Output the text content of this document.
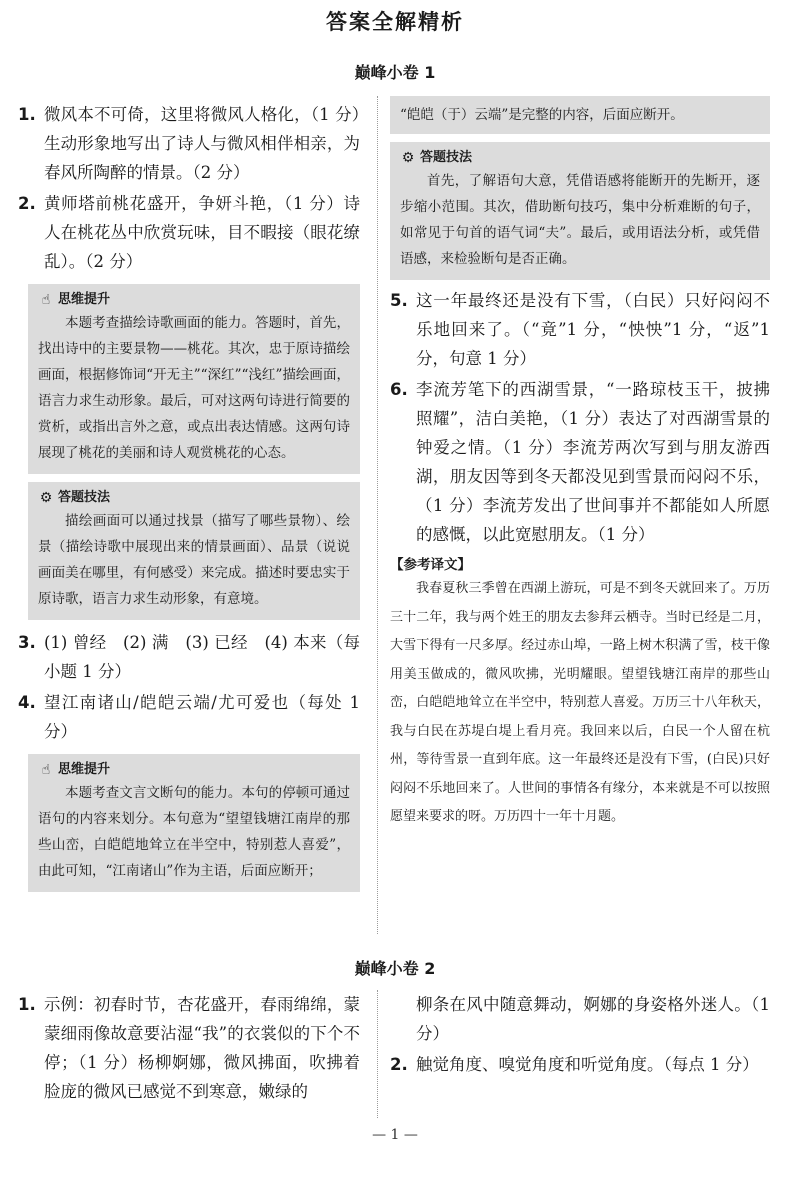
答案全解精析
巅峰小卷 1
1. 微风本不可倚，这里将微风人格化，（1 分）生动形象地写出了诗人与微风相伴相亲，为春风所陶醉的情景。（2 分）
2. 黄师塔前桃花盛开，争妍斗艳，（1 分）诗人在桃花丛中欣赏玩味，目不暇接（眼花缭乱）。（2 分）
☝ 思维提升
本题考查描绘诗歌画面的能力。答题时，首先，找出诗中的主要景物——桃花。其次，忠于原诗描绘画面，根据修饰词“开无主”“深红”“浅红”描绘画面，语言力求生动形象。最后，可对这两句诗进行简要的赏析，或指出言外之意，或点出表达情感。这两句诗展现了桃花的美丽和诗人观赏桃花的心态。
⚙ 答题技法
描绘画面可以通过找景（描写了哪些景物）、绘景（描绘诗歌中展现出来的情景画面）、品景（说说画面美在哪里，有何感受）来完成。描述时要忠实于原诗歌，语言力求生动形象，有意境。
3. (1) 曾经　(2) 满　(3) 已经　(4) 本来（每小题 1 分）
4. 望江南诸山/皑皑云端/尤可爱也（每处 1 分）
☝ 思维提升
本题考查文言文断句的能力。本句的停顿可通过语句的内容来划分。本句意为“望望钱塘江南岸的那些山峦，白皑皑地耸立在半空中，特别惹人喜爱”，由此可知，“江南诸山”作为主语，后面应断开；
“皑皑（于）云端”是完整的内容，后面应断开。
⚙ 答题技法
首先，了解语句大意，凭借语感将能断开的先断开，逐步缩小范围。其次，借助断句技巧，集中分析难断的句子，如常见于句首的语气词“夫”。最后，或用语法分析，或凭借语感，来检验断句是否正确。
5. 这一年最终还是没有下雪，（白民）只好闷闷不乐地回来了。（“竟”1 分，“怏怏”1 分，“返”1 分，句意 1 分）
6. 李流芳笔下的西湖雪景，“一路琼枝玉干，披拂照耀”，洁白美艳，（1 分）表达了对西湖雪景的钟爱之情。（1 分）李流芳两次写到与朋友游西湖，朋友因等到冬天都没见到雪景而闷闷不乐，（1 分）李流芳发出了世间事并不都能如人所愿的感慨，以此宽慰朋友。（1 分）
【参考译文】
我春夏秋三季曾在西湖上游玩，可是不到冬天就回来了。万历三十二年，我与两个姓王的朋友去参拜云栖寺。当时已经是二月，大雪下得有一尺多厚。经过赤山埠，一路上树木积满了雪，枝干像用美玉做成的，微风吹拂，光明耀眼。望望钱塘江南岸的那些山峦，白皑皑地耸立在半空中，特别惹人喜爱。万历三十八年秋天，我与白民在苏堤白堤上看月亮。我回来以后，白民一个人留在杭州，等待雪景一直到年底。这一年最终还是没有下雪，(白民)只好闷闷不乐地回来了。人世间的事情各有缘分，本来就是不可以按照愿望来要求的呀。万历四十一年十月题。
巅峰小卷 2
1. 示例：初春时节，杏花盛开，春雨绵绵，蒙蒙细雨像故意要沾湿“我”的衣裳似的下个不停；（1 分）杨柳婀娜，微风拂面，吹拂着脸庞的微风已感觉不到寒意，嫩绿的
柳条在风中随意舞动，婀娜的身姿格外迷人。（1 分）
2. 触觉角度、嗅觉角度和听觉角度。（每点 1 分）
— 1 —
